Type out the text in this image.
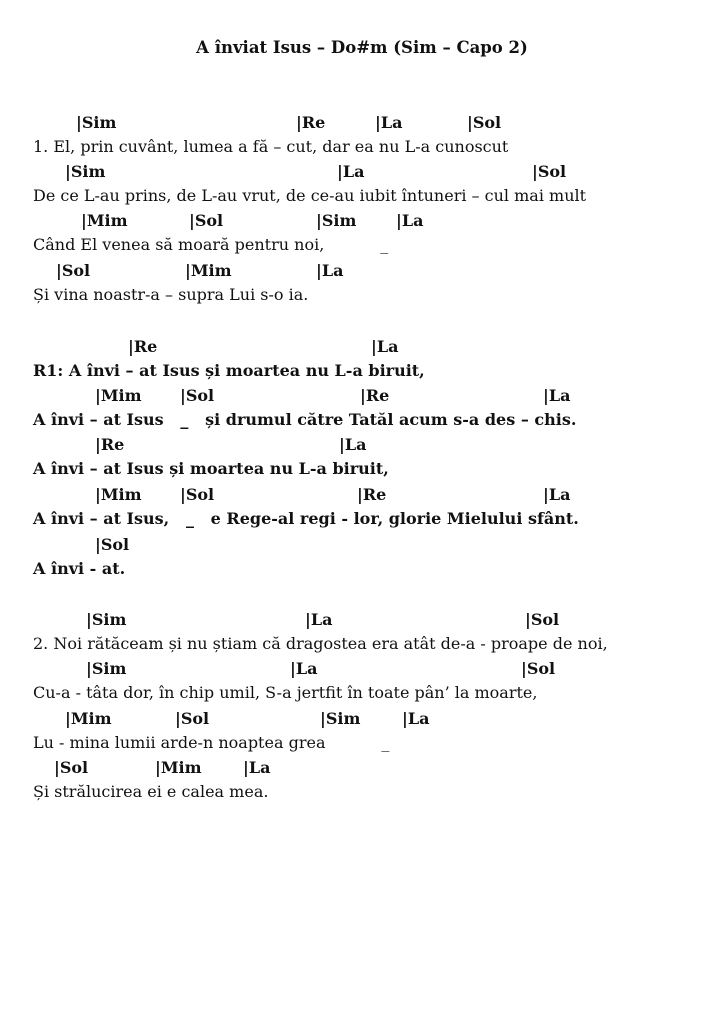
A înviat Isus – Do#m (Sim – Capo 2)
|Sim	|Re	|La	|Sol
1. El, prin cuvânt, lumea a fă – cut, dar ea nu L-a cunoscut
|Sim	|La	|Sol
De ce L-au prins, de L-au vrut, de ce-au iubit întuneri – cul mai mult
|Mim	|Sol	|Sim |La
Când El venea să moară pentru noi,           _
|Sol	|Mim	|La
Și vina noastr-a – supra Lui s-o ia.
|Re	|La
R1: A învi – at Isus și moartea nu L-a biruit,
|Mim |Sol	|Re	|La
A învi – at Isus   _   și drumul către Tatăl acum s-a des – chis.
|Re	|La
A învi – at Isus și moartea nu L-a biruit,
|Mim |Sol	|Re	|La
A învi – at Isus,   _   e Rege-al regi - lor, glorie Mielului sfânt.
|Sol
A învi - at.
|Sim	|La	|Sol
2. Noi rătăceam și nu știam că dragostea era atât de-a - proape de noi,
|Sim	|La	|Sol
Cu-a - tâta dor, în chip umil, S-a jertfit în toate pân’ la moarte,
|Mim	|Sol	|Sim	|La
Lu - mina lumii arde-n noaptea grea           _
|Sol	|Mim	|La
Și strălucirea ei e calea mea.
